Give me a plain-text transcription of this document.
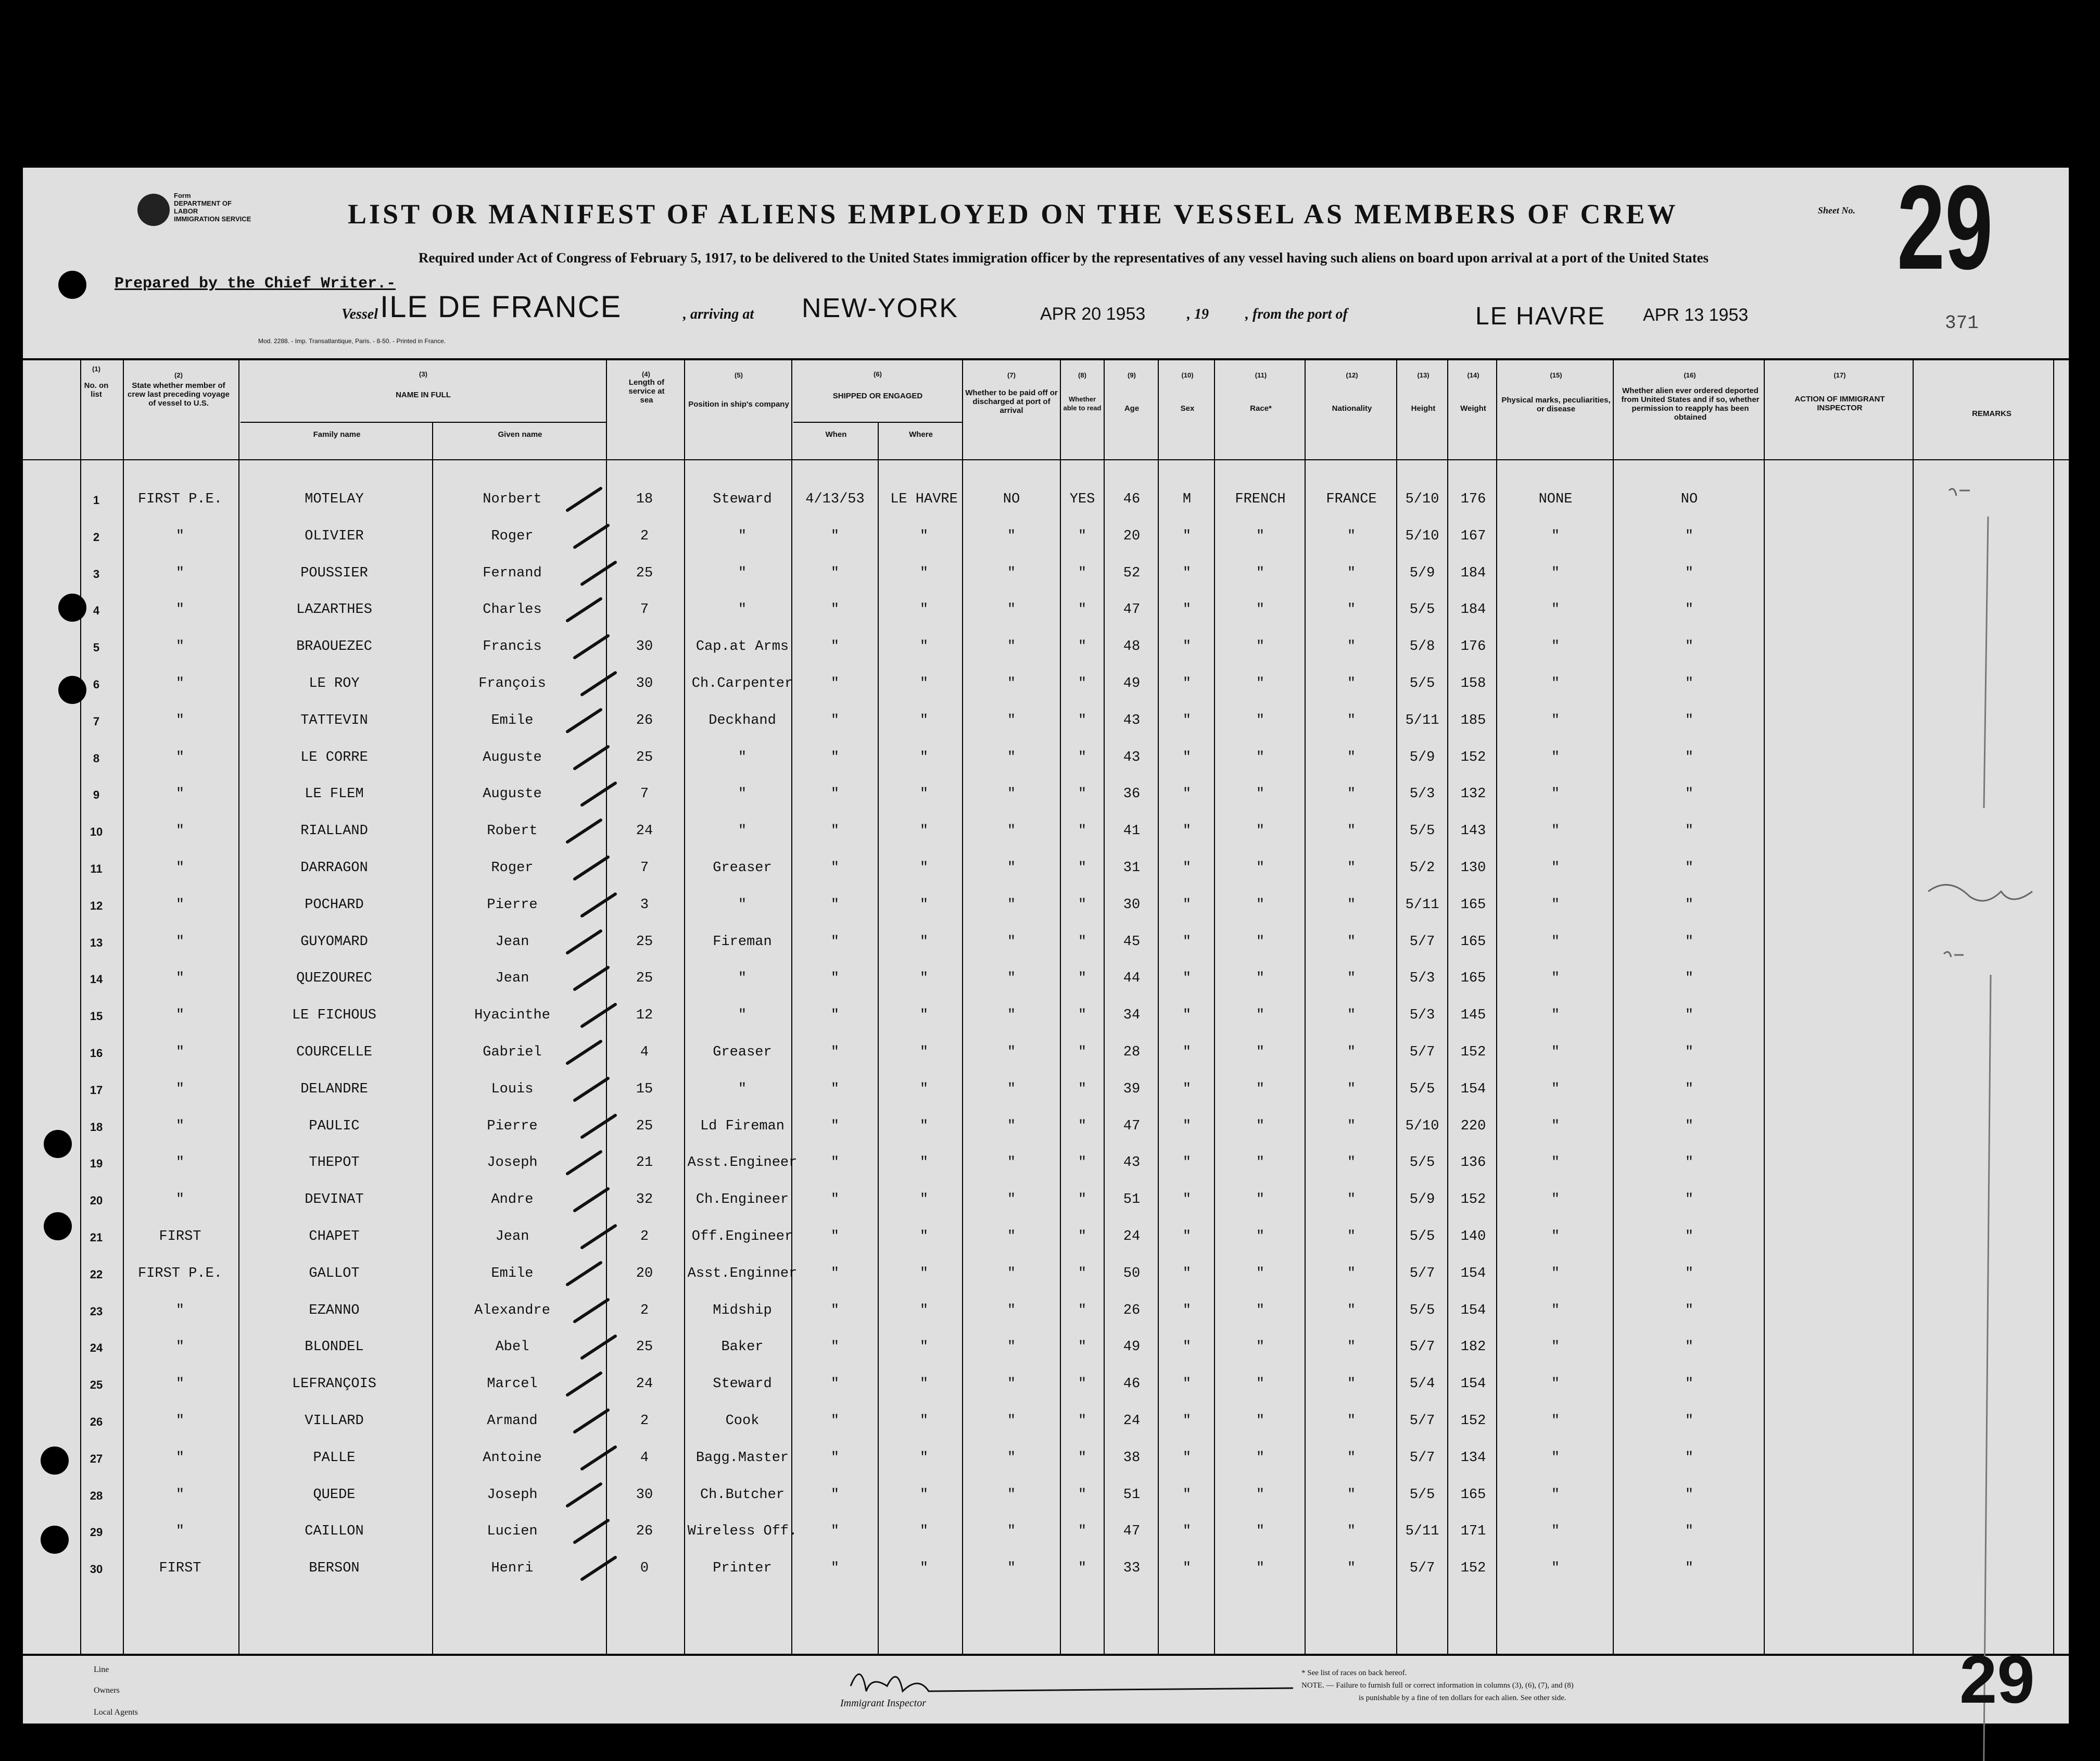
Form
DEPARTMENT OF LABOR
IMMIGRATION SERVICE	LIST OR MANIFEST OF ALIENS EMPLOYED ON THE VESSEL AS MEMBERS OF CREW	Sheet No. 29
Required under Act of Congress of February 5, 1917, to be delivered to the United States immigration officer by the representatives of any vessel having such aliens on board upon arrival at a port of the United States
Prepared by the Chief Writer.-
Vessel ILE DE FRANCE	, arriving at NEW-YORK	APR 20 1953	, 19	, from the port of	LE HAVRE APR 13 1953	371
Mod. 2288. - Imp. Transatlantique, Paris. - 8-50. - Printed in France.
(1)
No. on list
(2)
State whether member of crew last preceding voyage of vessel to U.S.
(3)
NAME IN FULL
Family name	Given name
(4)
Length of service at sea
(5)
Position in ship's company
(6)
SHIPPED OR ENGAGED
When	Where
(7)
Whether to be paid off or discharged at port of arrival
(8)
Whether able to read
(9)
Age
(10)
Sex
(11)
Race*
(12)
Nationality
(13)
Height
(14)
Weight
(15)
Physical marks, peculiarities, or disease
(16)
Whether alien ever ordered deported from United States and if so, whether permission to reapply has been obtained
(17)
ACTION OF IMMIGRANT INSPECTOR
REMARKS
1	FIRST P.E.	MOTELAY	Norbert	18	Steward	4/13/53	LE HAVRE	NO	YES	46	M	FRENCH	FRANCE	5/10	176	NONE	NO
2	"	OLIVIER	Roger	2	"	"	"	"	"	20	"	"	"	5/10	167	"	"
3	"	POUSSIER	Fernand	25	"	"	"	"	"	52	"	"	"	5/9	184	"	"
4	"	LAZARTHES	Charles	7	"	"	"	"	"	47	"	"	"	5/5	184	"	"
5	"	BRAOUEZEC	Francis	30	Cap.at Arms	"	"	"	"	48	"	"	"	5/8	176	"	"
6	"	LE ROY	François	30	Ch.Carpenter	"	"	"	"	49	"	"	"	5/5	158	"	"
7	"	TATTEVIN	Emile	26	Deckhand	"	"	"	"	43	"	"	"	5/11	185	"	"
8	"	LE CORRE	Auguste	25	"	"	"	"	"	43	"	"	"	5/9	152	"	"
9	"	LE FLEM	Auguste	7	"	"	"	"	"	36	"	"	"	5/3	132	"	"
10	"	RIALLAND	Robert	24	"	"	"	"	"	41	"	"	"	5/5	143	"	"
11	"	DARRAGON	Roger	7	Greaser	"	"	"	"	31	"	"	"	5/2	130	"	"
12	"	POCHARD	Pierre	3	"	"	"	"	"	30	"	"	"	5/11	165	"	"
13	"	GUYOMARD	Jean	25	Fireman	"	"	"	"	45	"	"	"	5/7	165	"	"
14	"	QUEZOUREC	Jean	25	"	"	"	"	"	44	"	"	"	5/3	165	"	"
15	"	LE FICHOUS	Hyacinthe	12	"	"	"	"	"	34	"	"	"	5/3	145	"	"
16	"	COURCELLE	Gabriel	4	Greaser	"	"	"	"	28	"	"	"	5/7	152	"	"
17	"	DELANDRE	Louis	15	"	"	"	"	"	39	"	"	"	5/5	154	"	"
18	"	PAULIC	Pierre	25	Ld Fireman	"	"	"	"	47	"	"	"	5/10	220	"	"
19	"	THEPOT	Joseph	21	Asst.Engineer	"	"	"	"	43	"	"	"	5/5	136	"	"
20	"	DEVINAT	Andre	32	Ch.Engineer	"	"	"	"	51	"	"	"	5/9	152	"	"
21	FIRST	CHAPET	Jean	2	Off.Engineer	"	"	"	"	24	"	"	"	5/5	140	"	"
22	FIRST P.E.	GALLOT	Emile	20	Asst.Enginner	"	"	"	"	50	"	"	"	5/7	154	"	"
23	"	EZANNO	Alexandre	2	Midship	"	"	"	"	26	"	"	"	5/5	154	"	"
24	"	BLONDEL	Abel	25	Baker	"	"	"	"	49	"	"	"	5/7	182	"	"
25	"	LEFRANÇOIS	Marcel	24	Steward	"	"	"	"	46	"	"	"	5/4	154	"	"
26	"	VILLARD	Armand	2	Cook	"	"	"	"	24	"	"	"	5/7	152	"	"
27	"	PALLE	Antoine	4	Bagg.Master	"	"	"	"	38	"	"	"	5/7	134	"	"
28	"	QUEDE	Joseph	30	Ch.Butcher	"	"	"	"	51	"	"	"	5/5	165	"	"
29	"	CAILLON	Lucien	26	Wireless Off.	"	"	"	"	47	"	"	"	5/11	171	"	"
30	FIRST	BERSON	Henri	0	Printer	"	"	"	"	33	"	"	"	5/7	152	"	"
Line
Owners
Local Agents
Immigrant Inspector
* See list of races on back hereof.
NOTE. — Failure to furnish full or correct information in columns (3), (6), (7), and (8)
is punishable by a fine of ten dollars for each alien. See other side.	29
